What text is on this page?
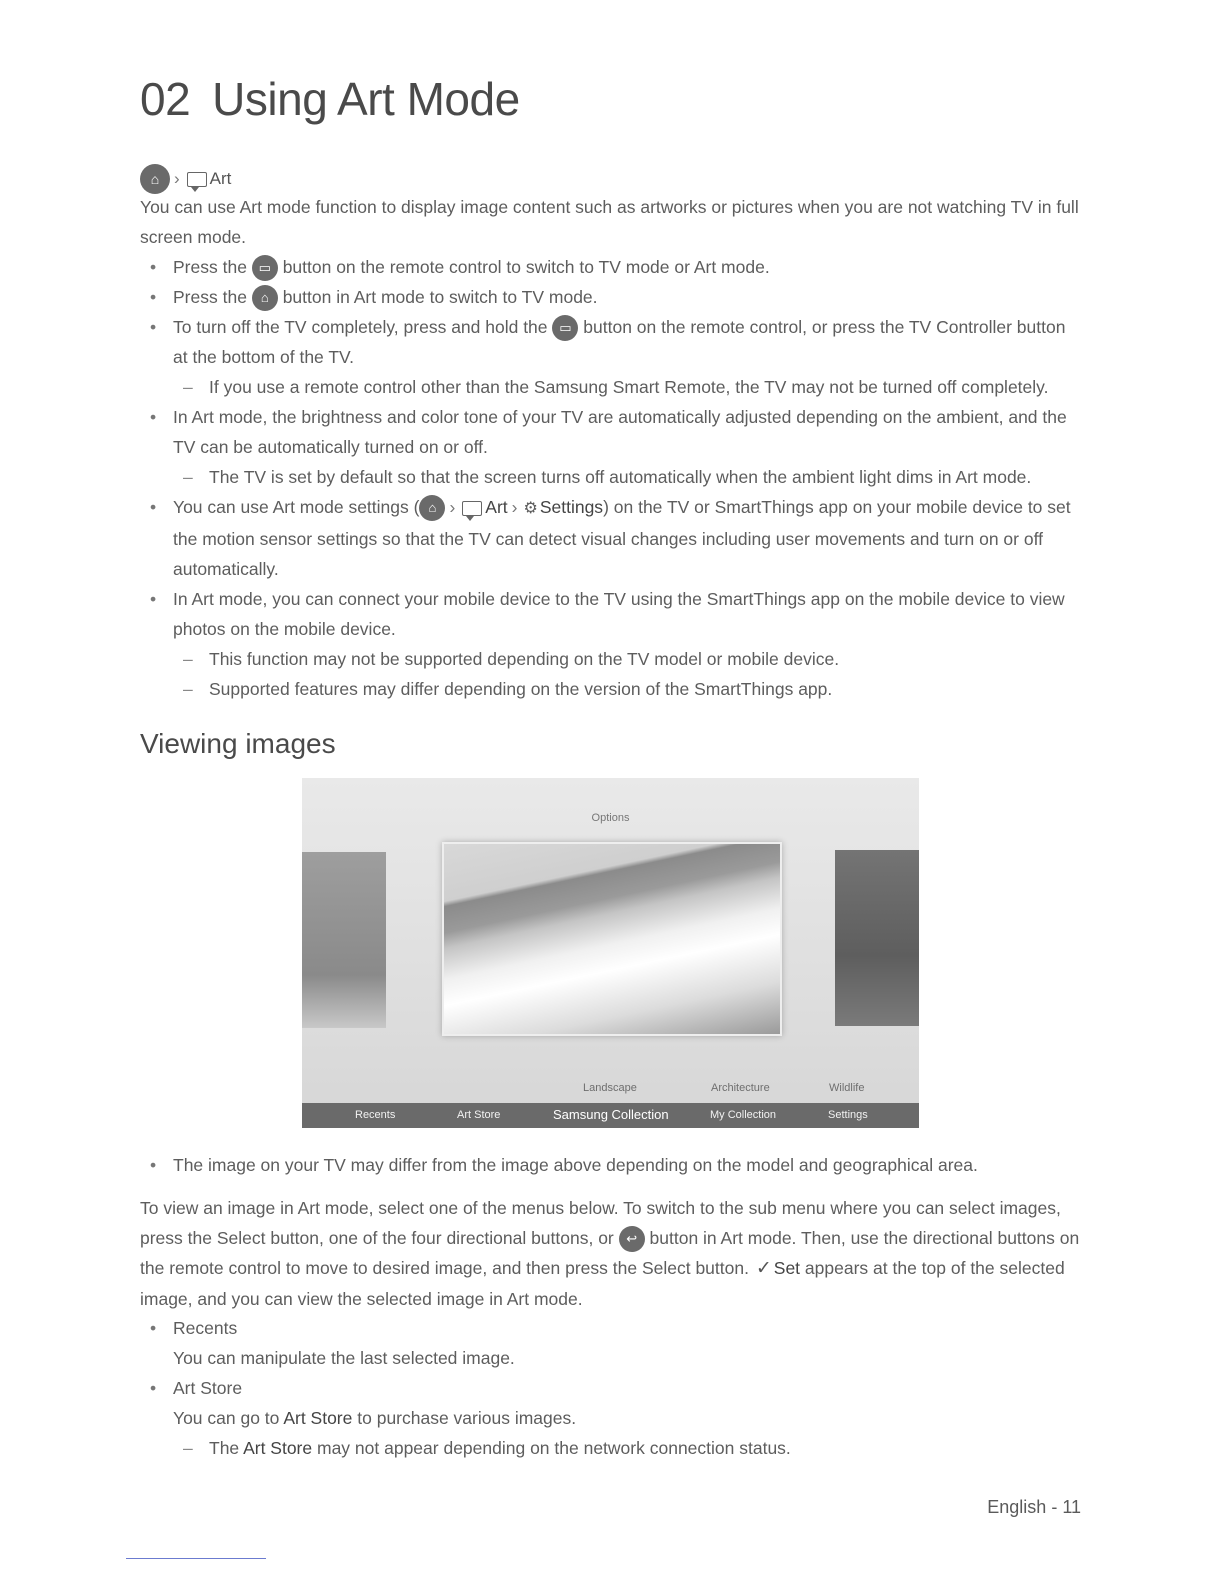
02 Using Art Mode
⌂ › Art

You can use Art mode function to display image content such as artworks or pictures when you are not watching TV in full screen mode.

• Press the ▭ button on the remote control to switch to TV mode or Art mode.
• Press the ⌂ button in Art mode to switch to TV mode.
• To turn off the TV completely, press and hold the ▭ button on the remote control, or press the TV Controller button at the bottom of the TV.
– If you use a remote control other than the Samsung Smart Remote, the TV may not be turned off completely.
• In Art mode, the brightness and color tone of your TV are automatically adjusted depending on the ambient, and the TV can be automatically turned on or off.
– The TV is set by default so that the screen turns off automatically when the ambient light dims in Art mode.
• You can use Art mode settings ( ⌂ › Art › ⚙ Settings) on the TV or SmartThings app on your mobile device to set the motion sensor settings so that the TV can detect visual changes including user movements and turn on or off automatically.
• In Art mode, you can connect your mobile device to the TV using the SmartThings app on the mobile device to view photos on the mobile device.
– This function may not be supported depending on the TV model or mobile device.
– Supported features may differ depending on the version of the SmartThings app.
Viewing images
Options
Landscape	Architecture	Wildlife
Recents	Art Store	Samsung Collection	My Collection	Settings
• The image on your TV may differ from the image above depending on the model and geographical area.

To view an image in Art mode, select one of the menus below. To switch to the sub menu where you can select images, press the Select button, one of the four directional buttons, or ↩ button in Art mode. Then, use the directional buttons on the remote control to move to desired image, and then press the Select button. ✓ Set appears at the top of the selected image, and you can view the selected image in Art mode.

• Recents
You can manipulate the last selected image.
• Art Store
You can go to Art Store to purchase various images.
– The Art Store may not appear depending on the network connection status.
English - 11
